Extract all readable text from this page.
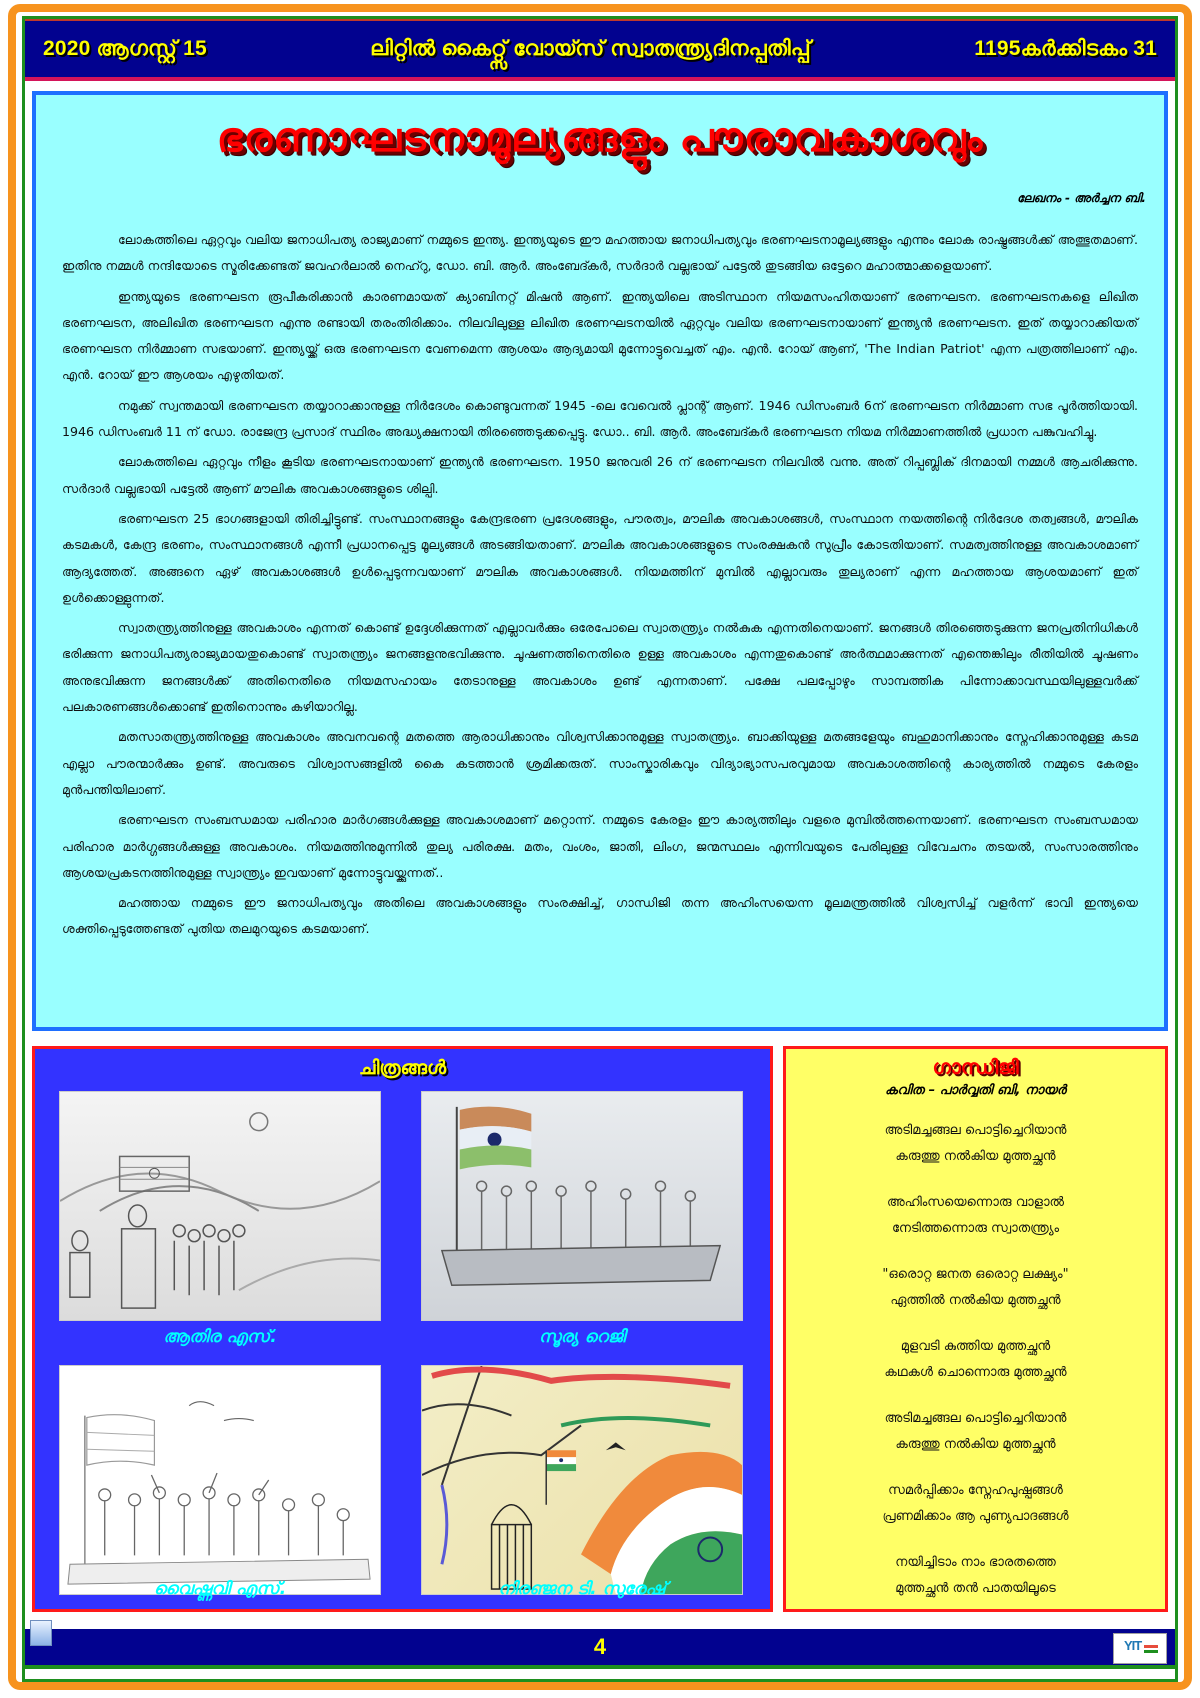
2020 ആഗസ്റ്റ് 15	ലിറ്റിൽ കൈറ്റ്സ് വോയ്സ് സ്വാതന്ത്ര്യദിനപ്പതിപ്പ്	1195കർക്കിടകം 31
ഭരണാഘടനാമൂല്യങ്ങളും പൗരാവകാശവും
ലേഖനം - അർച്ചന ബി.

ലോകത്തിലെ ഏറ്റവും വലിയ ജനാധിപത്യ രാജ്യമാണ് നമ്മുടെ ഇന്ത്യ. ഇന്ത്യയുടെ ഈ മഹത്തായ ജനാധിപത്യവും ഭരണഘടനാമൂല്യങ്ങളും എന്നും ലോക രാഷ്ട്രങ്ങൾക്ക് അത്ഭുതമാണ്. ഇതിനു നമ്മൾ നന്ദിയോടെ സ്മരിക്കേണ്ടത് ജവഹർലാൽ നെഹ്റു, ഡോ. ബി. ആർ. അംബേദ്കർ, സർദാർ വല്ലഭായ് പട്ടേൽ തുടങ്ങിയ ഒട്ടേറെ മഹാത്മാക്കളെയാണ്.

ഇന്ത്യയുടെ ഭരണഘടന രൂപീകരിക്കാൻ കാരണമായത് ക്യാബിനറ്റ് മിഷൻ ആണ്. ഇന്ത്യയിലെ അടിസ്ഥാന നിയമസംഹിതയാണ് ഭരണഘടന. ഭരണഘടനകളെ ലിഖിത ഭരണഘടന, അലിഖിത ഭരണഘടന എന്നു രണ്ടായി തരംതിരിക്കാം. നിലവിലുള്ള ലിഖിത ഭരണഘടനയിൽ ഏറ്റവും വലിയ ഭരണഘടനായാണ് ഇന്ത്യൻ ഭരണഘടന. ഇത് തയ്യാറാക്കിയത് ഭരണഘടന നിർമ്മാണ സഭയാണ്. ഇന്ത്യയ്ക്ക് ഒരു ഭരണഘടന വേണമെന്ന ആശയം ആദ്യമായി മുന്നോട്ടുവെച്ചത് എം. എൻ. റോയ് ആണ്, 'The Indian Patriot' എന്ന പത്രത്തിലാണ് എം. എൻ. റോയ് ഈ ആശയം എഴുതിയത്.

നമുക്ക് സ്വന്തമായി ഭരണഘടന തയ്യാറാക്കാനുള്ള നിർദേശം കൊണ്ടുവന്നത് 1945 -ലെ വേവെൽ പ്ലാന്റ് ആണ്. 1946 ഡിസംബർ 6ന് ഭരണഘടന നിർമ്മാണ സഭ പൂർത്തിയായി. 1946 ഡിസംബർ 11 ന് ഡോ. രാജേന്ദ്ര പ്രസാദ് സ്ഥിരം അദ്ധ്യക്ഷനായി തിരഞ്ഞെടുക്കപ്പെട്ടു. ഡോ.. ബി. ആർ. അംബേദ്കർ ഭരണഘടന നിയമ നിർമ്മാണത്തിൽ പ്രധാന പങ്കുവഹിച്ചു.

ലോകത്തിലെ ഏറ്റവും നീളം കൂടിയ ഭരണഘടനായാണ് ഇന്ത്യൻ ഭരണഘടന. 1950 ജനുവരി 26 ന് ഭരണഘടന നിലവിൽ വന്നു. അത് റിപ്പബ്ലിക് ദിനമായി നമ്മൾ ആചരിക്കുന്നു. സർദാർ വല്ലഭായി പട്ടേൽ ആണ് മൗലിക അവകാശങ്ങളുടെ ശില്പി.

ഭരണഘടന 25 ഭാഗങ്ങളായി തിരിച്ചിട്ടുണ്ട്. സംസ്ഥാനങ്ങളും കേന്ദ്രഭരണ പ്രദേശങ്ങളും, പൗരത്വം, മൗലിക അവകാശങ്ങൾ, സംസ്ഥാന നയത്തിന്റെ നിർദേശ തത്വങ്ങൾ, മൗലിക കടമകൾ, കേന്ദ്ര ഭരണം, സംസ്ഥാനങ്ങൾ എന്നീ പ്രധാനപ്പെട്ട മൂല്യങ്ങൾ അടങ്ങിയതാണ്. മൗലിക അവകാശങ്ങളുടെ സംരക്ഷകൻ സുപ്രീം കോടതിയാണ്. സമത്വത്തിനുള്ള അവകാശമാണ് ആദ്യത്തേത്. അങ്ങനെ ഏഴ് അവകാശങ്ങൾ ഉൾപ്പെടുന്നവയാണ് മൗലിക അവകാശങ്ങൾ. നിയമത്തിന് മുമ്പിൽ എല്ലാവരും തുല്യരാണ് എന്ന മഹത്തായ ആശയമാണ് ഇത് ഉൾക്കൊള്ളുന്നത്.

സ്വാതന്ത്ര്യത്തിനുള്ള അവകാശം എന്നത് കൊണ്ട് ഉദ്ദേശിക്കുന്നത് എല്ലാവർക്കും ഒരേപോലെ സ്വാതന്ത്ര്യം നൽകുക എന്നതിനെയാണ്. ജനങ്ങൾ തിരഞ്ഞെടുക്കുന്ന ജനപ്രതിനിധികൾ ഭരിക്കുന്ന ജനാധിപത്യരാജ്യമായതുകൊണ്ട് സ്വാതന്ത്ര്യം ജനങ്ങളനുഭവിക്കുന്നു. ചൂഷണത്തിനെതിരെ ഉള്ള അവകാശം എന്നതുകൊണ്ട് അർത്ഥമാക്കുന്നത് എന്തെങ്കിലും രീതിയിൽ ചൂഷണം അനുഭവിക്കുന്ന ജനങ്ങൾക്ക് അതിനെതിരെ നിയമസഹായം തേടാനുള്ള അവകാശം ഉണ്ട് എന്നതാണ്. പക്ഷേ പലപ്പോഴും സാമ്പത്തിക പിന്നോക്കാവസ്ഥയിലുള്ളവർക്ക് പലകാരണങ്ങൾക്കൊണ്ട് ഇതിനൊന്നും കഴിയാറില്ല.

മതസാതന്ത്ര്യത്തിനുള്ള അവകാശം അവനവന്റെ മതത്തെ ആരാധിക്കാനും വിശ്വസിക്കാനുമുള്ള സ്വാതന്ത്ര്യം. ബാക്കിയുള്ള മതങ്ങളേയും ബഹുമാനിക്കാനും സ്നേഹിക്കാനുമുള്ള കടമ എല്ലാ പൗരന്മാർക്കും ഉണ്ട്. അവരുടെ വിശ്വാസങ്ങളിൽ കൈ കടത്താൻ ശ്രമിക്കരുത്. സാംസ്കാരികവും വിദ്യാഭ്യാസപരവുമായ അവകാശത്തിന്റെ കാര്യത്തിൽ നമ്മുടെ കേരളം മുൻപന്തിയിലാണ്.

ഭരണഘടന സംബന്ധമായ പരിഹാര മാർഗങ്ങൾക്കുള്ള അവകാശമാണ് മറ്റൊന്ന്. നമ്മുടെ കേരളം ഈ കാര്യത്തിലും വളരെ മുമ്പിൽത്തന്നെയാണ്. ഭരണഘടന സംബന്ധമായ പരിഹാര മാർഗ്ഗങ്ങൾക്കുള്ള അവകാശം. നിയമത്തിനുമുന്നിൽ തുല്യ പരിരക്ഷ. മതം, വംശം, ജാതി, ലിംഗ, ജന്മസ്ഥലം എന്നിവയുടെ പേരിലുള്ള വിവേചനം തടയൽ, സംസാരത്തിനും ആശയപ്രകടനത്തിനുമുള്ള സ്വാന്ത്ര്യം ഇവയാണ് മുന്നോട്ടുവയ്ക്കുന്നത്..

മഹത്തായ നമ്മുടെ ഈ ജനാധിപത്യവും അതിലെ അവകാശങ്ങളും സംരക്ഷിച്ച്, ഗാന്ധിജി തന്ന അഹിംസയെന്ന മൂലമന്ത്രത്തിൽ വിശ്വസിച്ച് വളർന്ന് ഭാവി ഇന്ത്യയെ ശക്തിപ്പെടുത്തേണ്ടത് പുതിയ തലമുറയുടെ കടമയാണ്.

ചിത്രങ്ങൾ
ആതിര എസ്.	സൂര്യ റെജി
വൈഷ്ണവി എസ്.	നിരഞ്ജന ടി. സുരേഷ്
ഗാന്ധിജി
കവിത – പാർവ്വതി ബി, നായർ
അടിമച്ചങ്ങല പൊട്ടിച്ചെറിയാൻ
കരുത്തു നൽകിയ മുത്തച്ഛൻ
അഹിംസയെന്നൊരു വാളാൽ
നേടിത്തന്നൊരു സ്വാതന്ത്ര്യം
"ഒരൊറ്റ ജനത ഒരൊറ്റ ലക്ഷ്യം"
ഏത്തിൽ നൽകിയ മുത്തച്ഛൻ
മുളവടി കുത്തിയ മുത്തച്ഛൻ
കഥകൾ ചൊന്നൊരു മുത്തച്ഛൻ
അടിമച്ചങ്ങല പൊട്ടിച്ചെറിയാൻ
കരുത്തു നൽകിയ മുത്തച്ഛൻ
സമർപ്പിക്കാം സ്നേഹപുഷ്പങ്ങൾ
പ്രണമിക്കാം ആ പുണ്യപാദങ്ങൾ
നയിച്ചിടാം നാം ഭാരതത്തെ
മുത്തച്ഛൻ തൻ പാതയിലൂടെ
4	YIT
